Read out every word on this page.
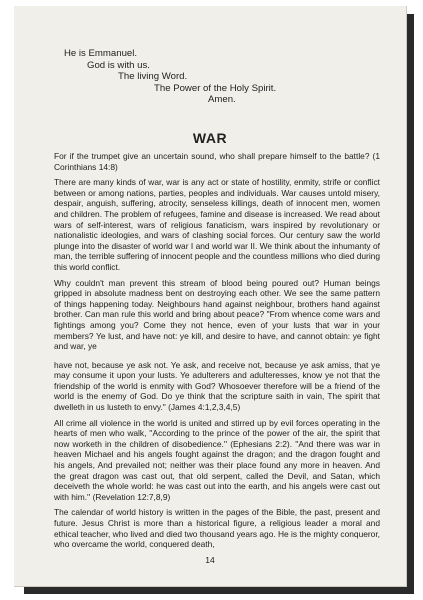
He is Emmanuel.
God is with us.
The living Word.
The Power of the Holy Spirit.
Amen.
WAR

For if the trumpet give an uncertain sound, who shall prepare himself to the battle? (1 Corinthians 14:8)

There are many kinds of war, war is any act or state of hostility, enmity, strife or conflict between or among nations, parties, peoples and individuals. War causes untold misery, despair, anguish, suffering, atrocity, senseless killings, death of innocent men, women and children. The problem of refugees, famine and disease is increased. We read about wars of self-interest, wars of religious fanaticism, wars inspired by revolutionary or nationalistic ideologies, and wars of clashing social forces. Our century saw the world plunge into the disaster of world war I and world war II. We think about the inhumanty of man, the terrible suffering of innocent people and the countless millions who died during this world conflict.

Why couldn't man prevent this stream of blood being poured out? Human beings gripped in absolute madness bent on destroying each other. We see the same pattern of things happening today. Neighbours hand against neighbour, brothers hand against brother. Can man rule this world and bring about peace? "From whence come wars and fightings among you? Come they not hence, even of your lusts that war in your members? Ye lust, and have not: ye kill, and desire to have, and cannot obtain: ye fight and war, ye

have not, because ye ask not. Ye ask, and receive not, because ye ask amiss, that ye may consume it upon your lusts. Ye adulterers and adulteresses, know ye not that the friendship of the world is enmity with God? Whosoever therefore will be a friend of the world is the enemy of God. Do ye think that the scripture saith in vain, The spirit that dwelleth in us lusteth to envy." (James 4:1,2,3,4,5)

All crime all violence in the world is united and stirred up by evil forces operating in the hearts of men who walk, ''According to the prince of the power of the air, the spirit that now worketh in the children of disobedience.'' (Ephesians 2:2). ''And there was war in heaven Michael and his angels fought against the dragon; and the dragon fought and his angels, And prevailed not; neither was their place found any more in heaven. And the great dragon was cast out, that old serpent, called the Devil, and Satan, which deceiveth the whole world: he was cast out into the earth, and his angels were cast out with him.'' (Revelation 12:7,8,9)

The calendar of world history is written in the pages of the Bible, the past, present and future. Jesus Christ is more than a historical figure, a religious leader a moral and ethical teacher, who lived and died two thousand years ago. He is the mighty conqueror, who overcame the world, conquered death,

14
